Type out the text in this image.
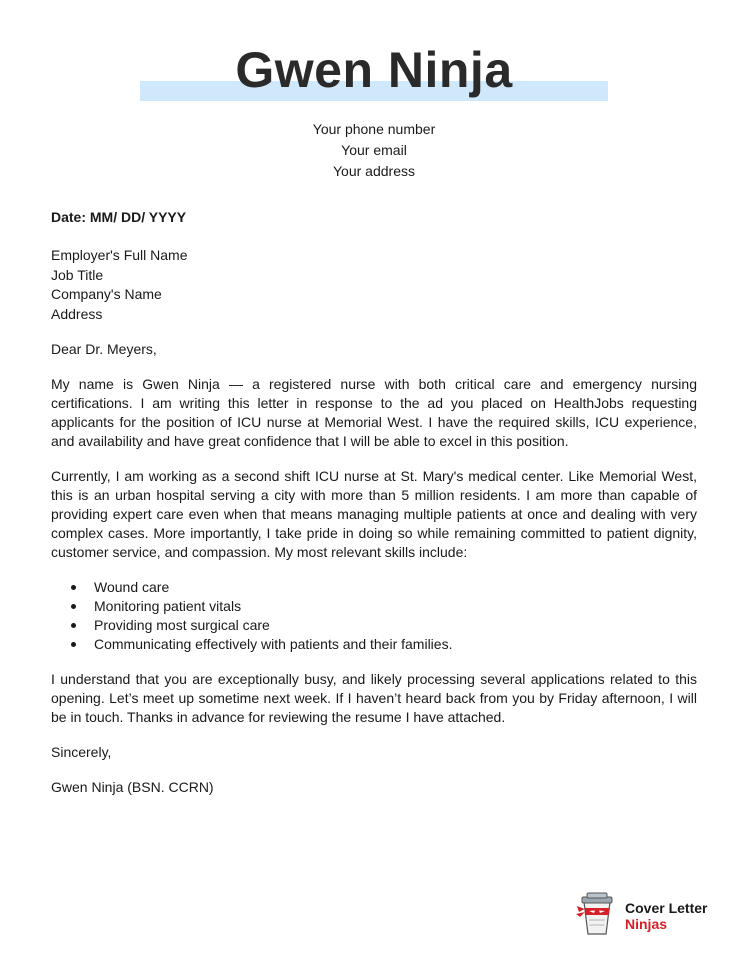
Gwen Ninja
Your phone number
Your email
Your address
Date: MM/ DD/ YYYY
Employer's Full Name
Job Title
Company's Name
Address
Dear Dr. Meyers,

My name is Gwen Ninja — a registered nurse with both critical care and emergency nursing certifications. I am writing this letter in response to the ad you placed on HealthJobs requesting applicants for the position of ICU nurse at Memorial West. I have the required skills, ICU experience, and availability and have great confidence that I will be able to excel in this position.

Currently, I am working as a second shift ICU nurse at St. Mary's medical center. Like Memorial West, this is an urban hospital serving a city with more than 5 million residents. I am more than capable of providing expert care even when that means managing multiple patients at once and dealing with very complex cases. More importantly, I take pride in doing so while remaining committed to patient dignity, customer service, and compassion. My most relevant skills include:

Wound care
Monitoring patient vitals
Providing most surgical care
Communicating effectively with patients and their families.

I understand that you are exceptionally busy, and likely processing several applications related to this opening. Let’s meet up sometime next week. If I haven’t heard back from you by Friday afternoon, I will be in touch. Thanks in advance for reviewing the resume I have attached.

Sincerely,
Gwen Ninja (BSN. CCRN)
Cover Letter
Ninjas
